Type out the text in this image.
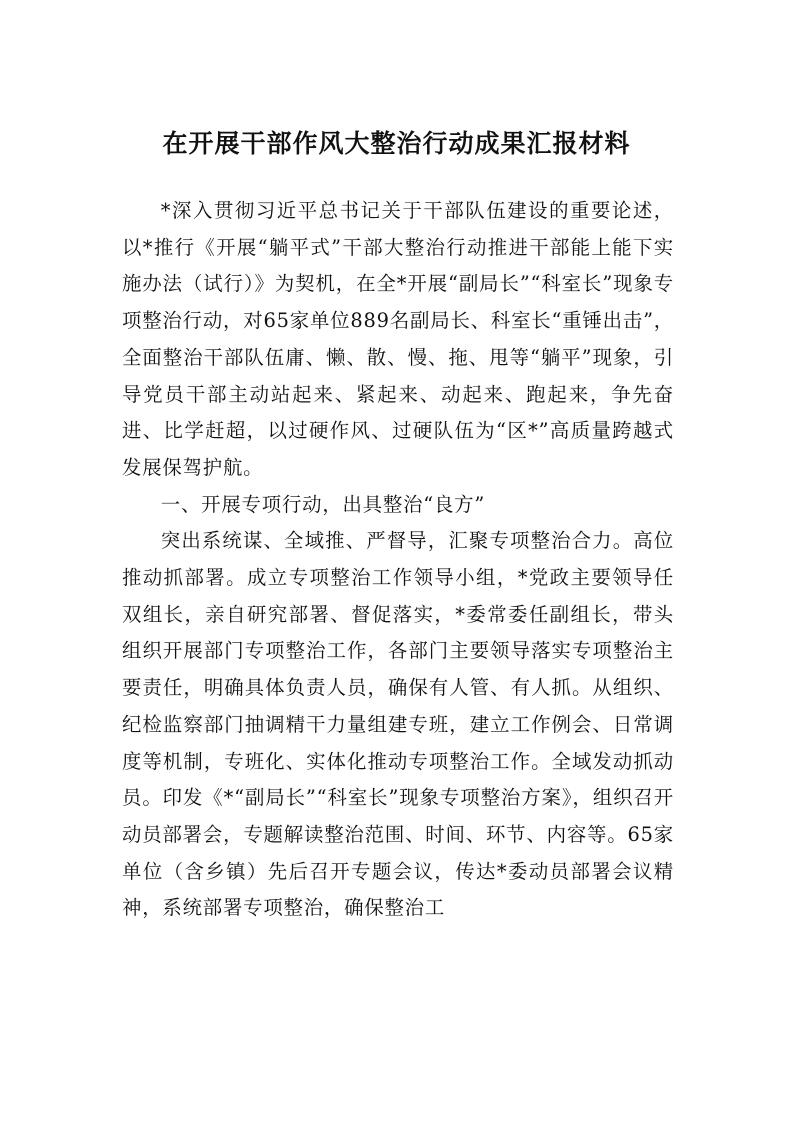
在开展干部作风大整治行动成果汇报材料

*深入贯彻习近平总书记关于干部队伍建设的重要论述，以*推行《开展“躺平式”干部大整治行动推进干部能上能下实施办法（试行）》为契机，在全*开展“副局长”“科室长”现象专项整治行动，对65家单位889名副局长、科室长“重锤出击”，全面整治干部队伍庸、懒、散、慢、拖、甩等“躺平”现象，引导党员干部主动站起来、紧起来、动起来、跑起来，争先奋进、比学赶超，以过硬作风、过硬队伍为“区*”高质量跨越式发展保驾护航。

一、开展专项行动，出具整治“良方”

突出系统谋、全域推、严督导，汇聚专项整治合力。高位推动抓部署。成立专项整治工作领导小组，*党政主要领导任双组长，亲自研究部署、督促落实，*委常委任副组长，带头组织开展部门专项整治工作，各部门主要领导落实专项整治主要责任，明确具体负责人员，确保有人管、有人抓。从组织、纪检监察部门抽调精干力量组建专班，建立工作例会、日常调度等机制，专班化、实体化推动专项整治工作。全域发动抓动员。印发《*“副局长”“科室长”现象专项整治方案》，组织召开动员部署会，专题解读整治范围、时间、环节、内容等。65家单位（含乡镇）先后召开专题会议，传达*委动员部署会议精神，系统部署专项整治，确保整治工
